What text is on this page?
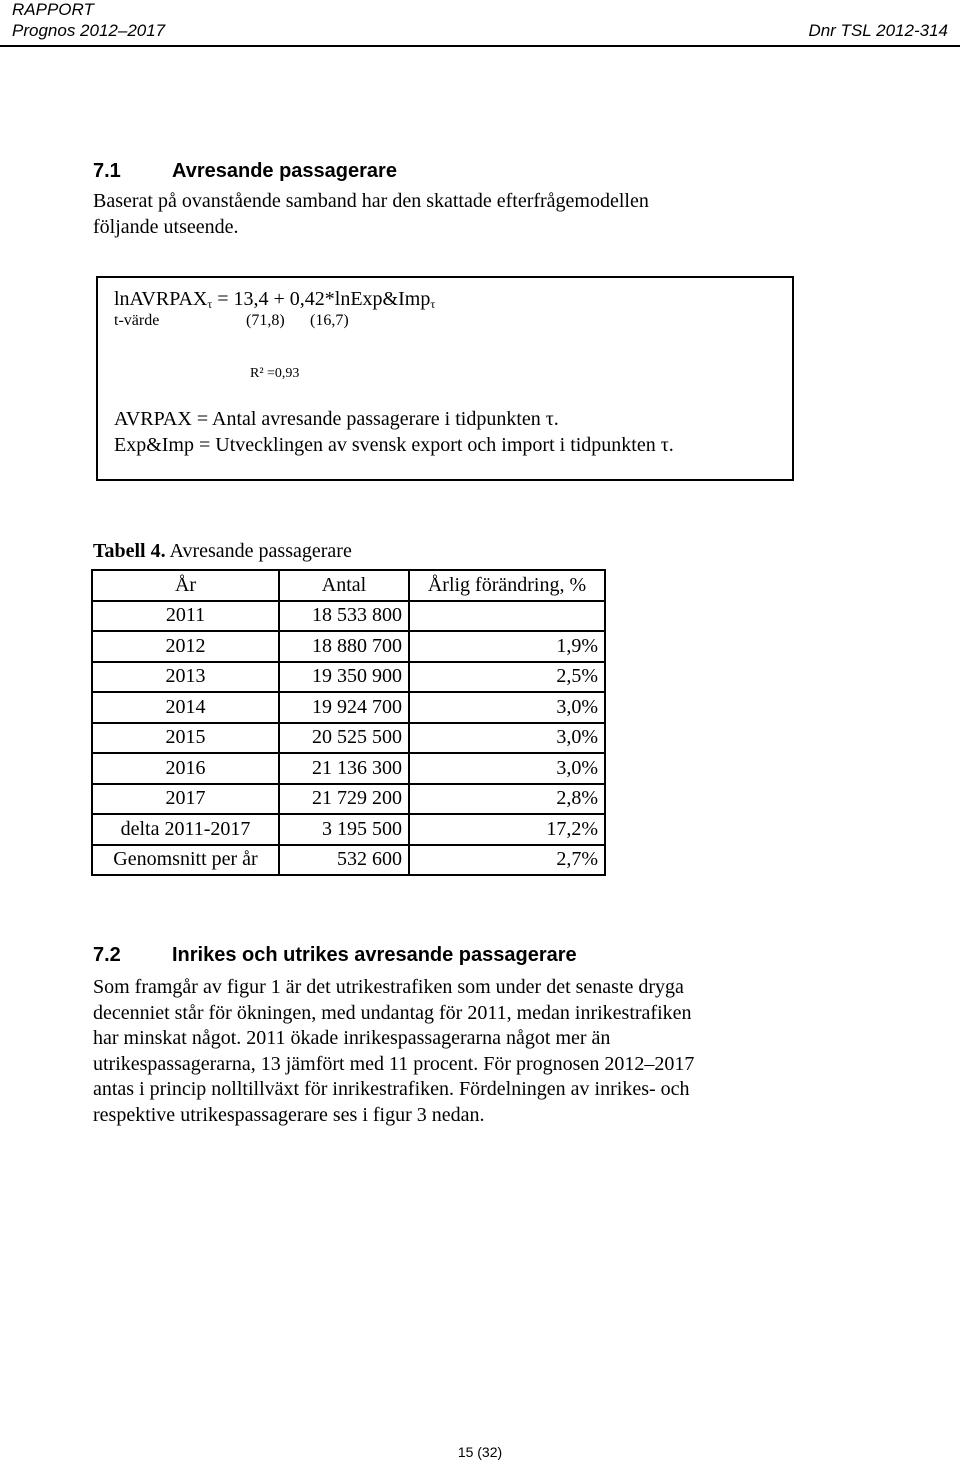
RAPPORT
Prognos 2012–2017	Dnr TSL 2012-314
7.1	Avresande passagerare
Baserat på ovanstående samband har den skattade efterfrågemodellen
följande utseende.
lnAVRPAX$_\tau$ = 13,4 + 0,42*lnExp&Imp$_\tau$
t-värde	(71,8) (16,7)
R² =0,93
AVRPAX = Antal avresande passagerare i tidpunkten τ.
Exp&Imp = Utvecklingen av svensk export och import i tidpunkten τ.
Tabell 4. Avresande passagerare
År	Antal	Årlig förändring, %
2011	18 533 800	
2012	18 880 700	1,9%
2013	19 350 900	2,5%
2014	19 924 700	3,0%
2015	20 525 500	3,0%
2016	21 136 300	3,0%
2017	21 729 200	2,8%
delta 2011-2017	3 195 500	17,2%
Genomsnitt per år	532 600	2,7%
7.2	Inrikes och utrikes avresande passagerare
Som framgår av figur 1 är det utrikestrafiken som under det senaste dryga
decenniet står för ökningen, med undantag för 2011, medan inrikestrafiken
har minskat något. 2011 ökade inrikespassagerarna något mer än
utrikespassagerarna, 13 jämfört med 11 procent. För prognosen 2012–2017
antas i princip nolltillväxt för inrikestrafiken. Fördelningen av inrikes- och
respektive utrikespassagerare ses i figur 3 nedan.
15 (32)
